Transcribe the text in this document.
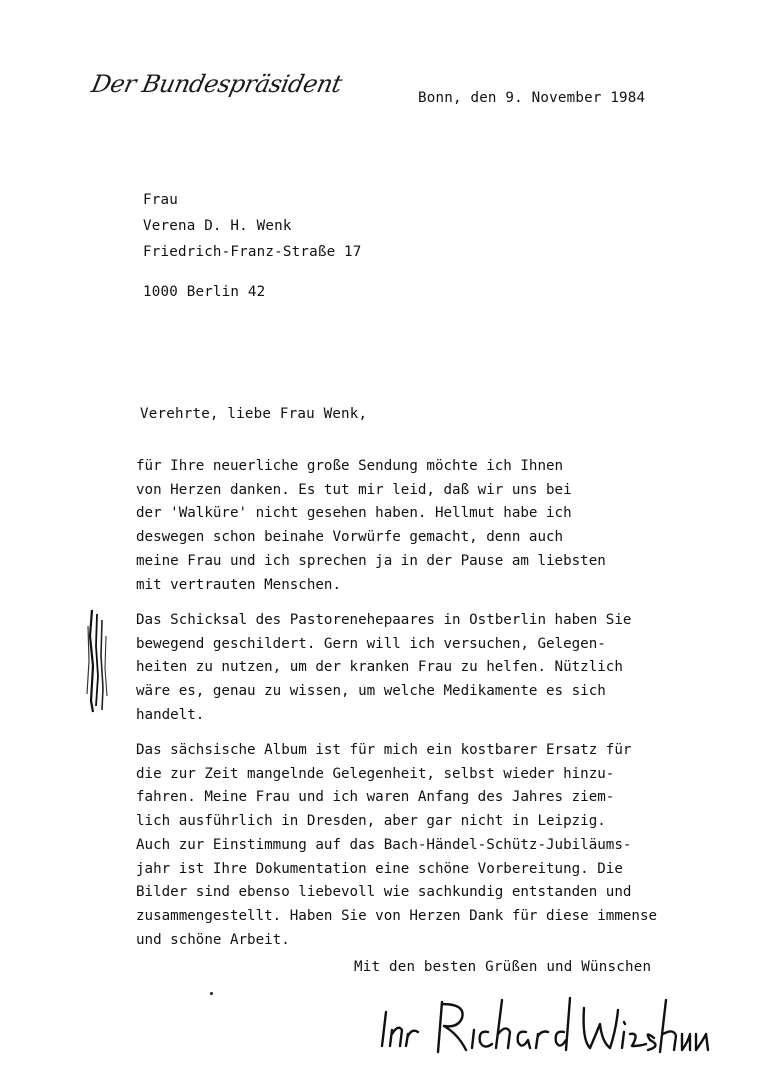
Der Bundespräsident	Bonn, den 9. November 1984
Frau
Verena D. H. Wenk
Friedrich-Franz-Straße 17
1000 Berlin 42
Verehrte, liebe Frau Wenk,
für Ihre neuerliche große Sendung möchte ich Ihnen
von Herzen danken. Es tut mir leid, daß wir uns bei
der 'Walküre' nicht gesehen haben. Hellmut habe ich
deswegen schon beinahe Vorwürfe gemacht, denn auch
meine Frau und ich sprechen ja in der Pause am liebsten
mit vertrauten Menschen.
Das Schicksal des Pastorenehepaares in Ostberlin haben Sie
bewegend geschildert. Gern will ich versuchen, Gelegen-
heiten zu nutzen, um der kranken Frau zu helfen. Nützlich
wäre es, genau zu wissen, um welche Medikamente es sich
handelt.
Das sächsische Album ist für mich ein kostbarer Ersatz für
die zur Zeit mangelnde Gelegenheit, selbst wieder hinzu-
fahren. Meine Frau und ich waren Anfang des Jahres ziem-
lich ausführlich in Dresden, aber gar nicht in Leipzig.
Auch zur Einstimmung auf das Bach-Händel-Schütz-Jubiläums-
jahr ist Ihre Dokumentation eine schöne Vorbereitung. Die
Bilder sind ebenso liebevoll wie sachkundig entstanden und
zusammengestellt. Haben Sie von Herzen Dank für diese immense
und schöne Arbeit.
Mit den besten Grüßen und Wünschen
